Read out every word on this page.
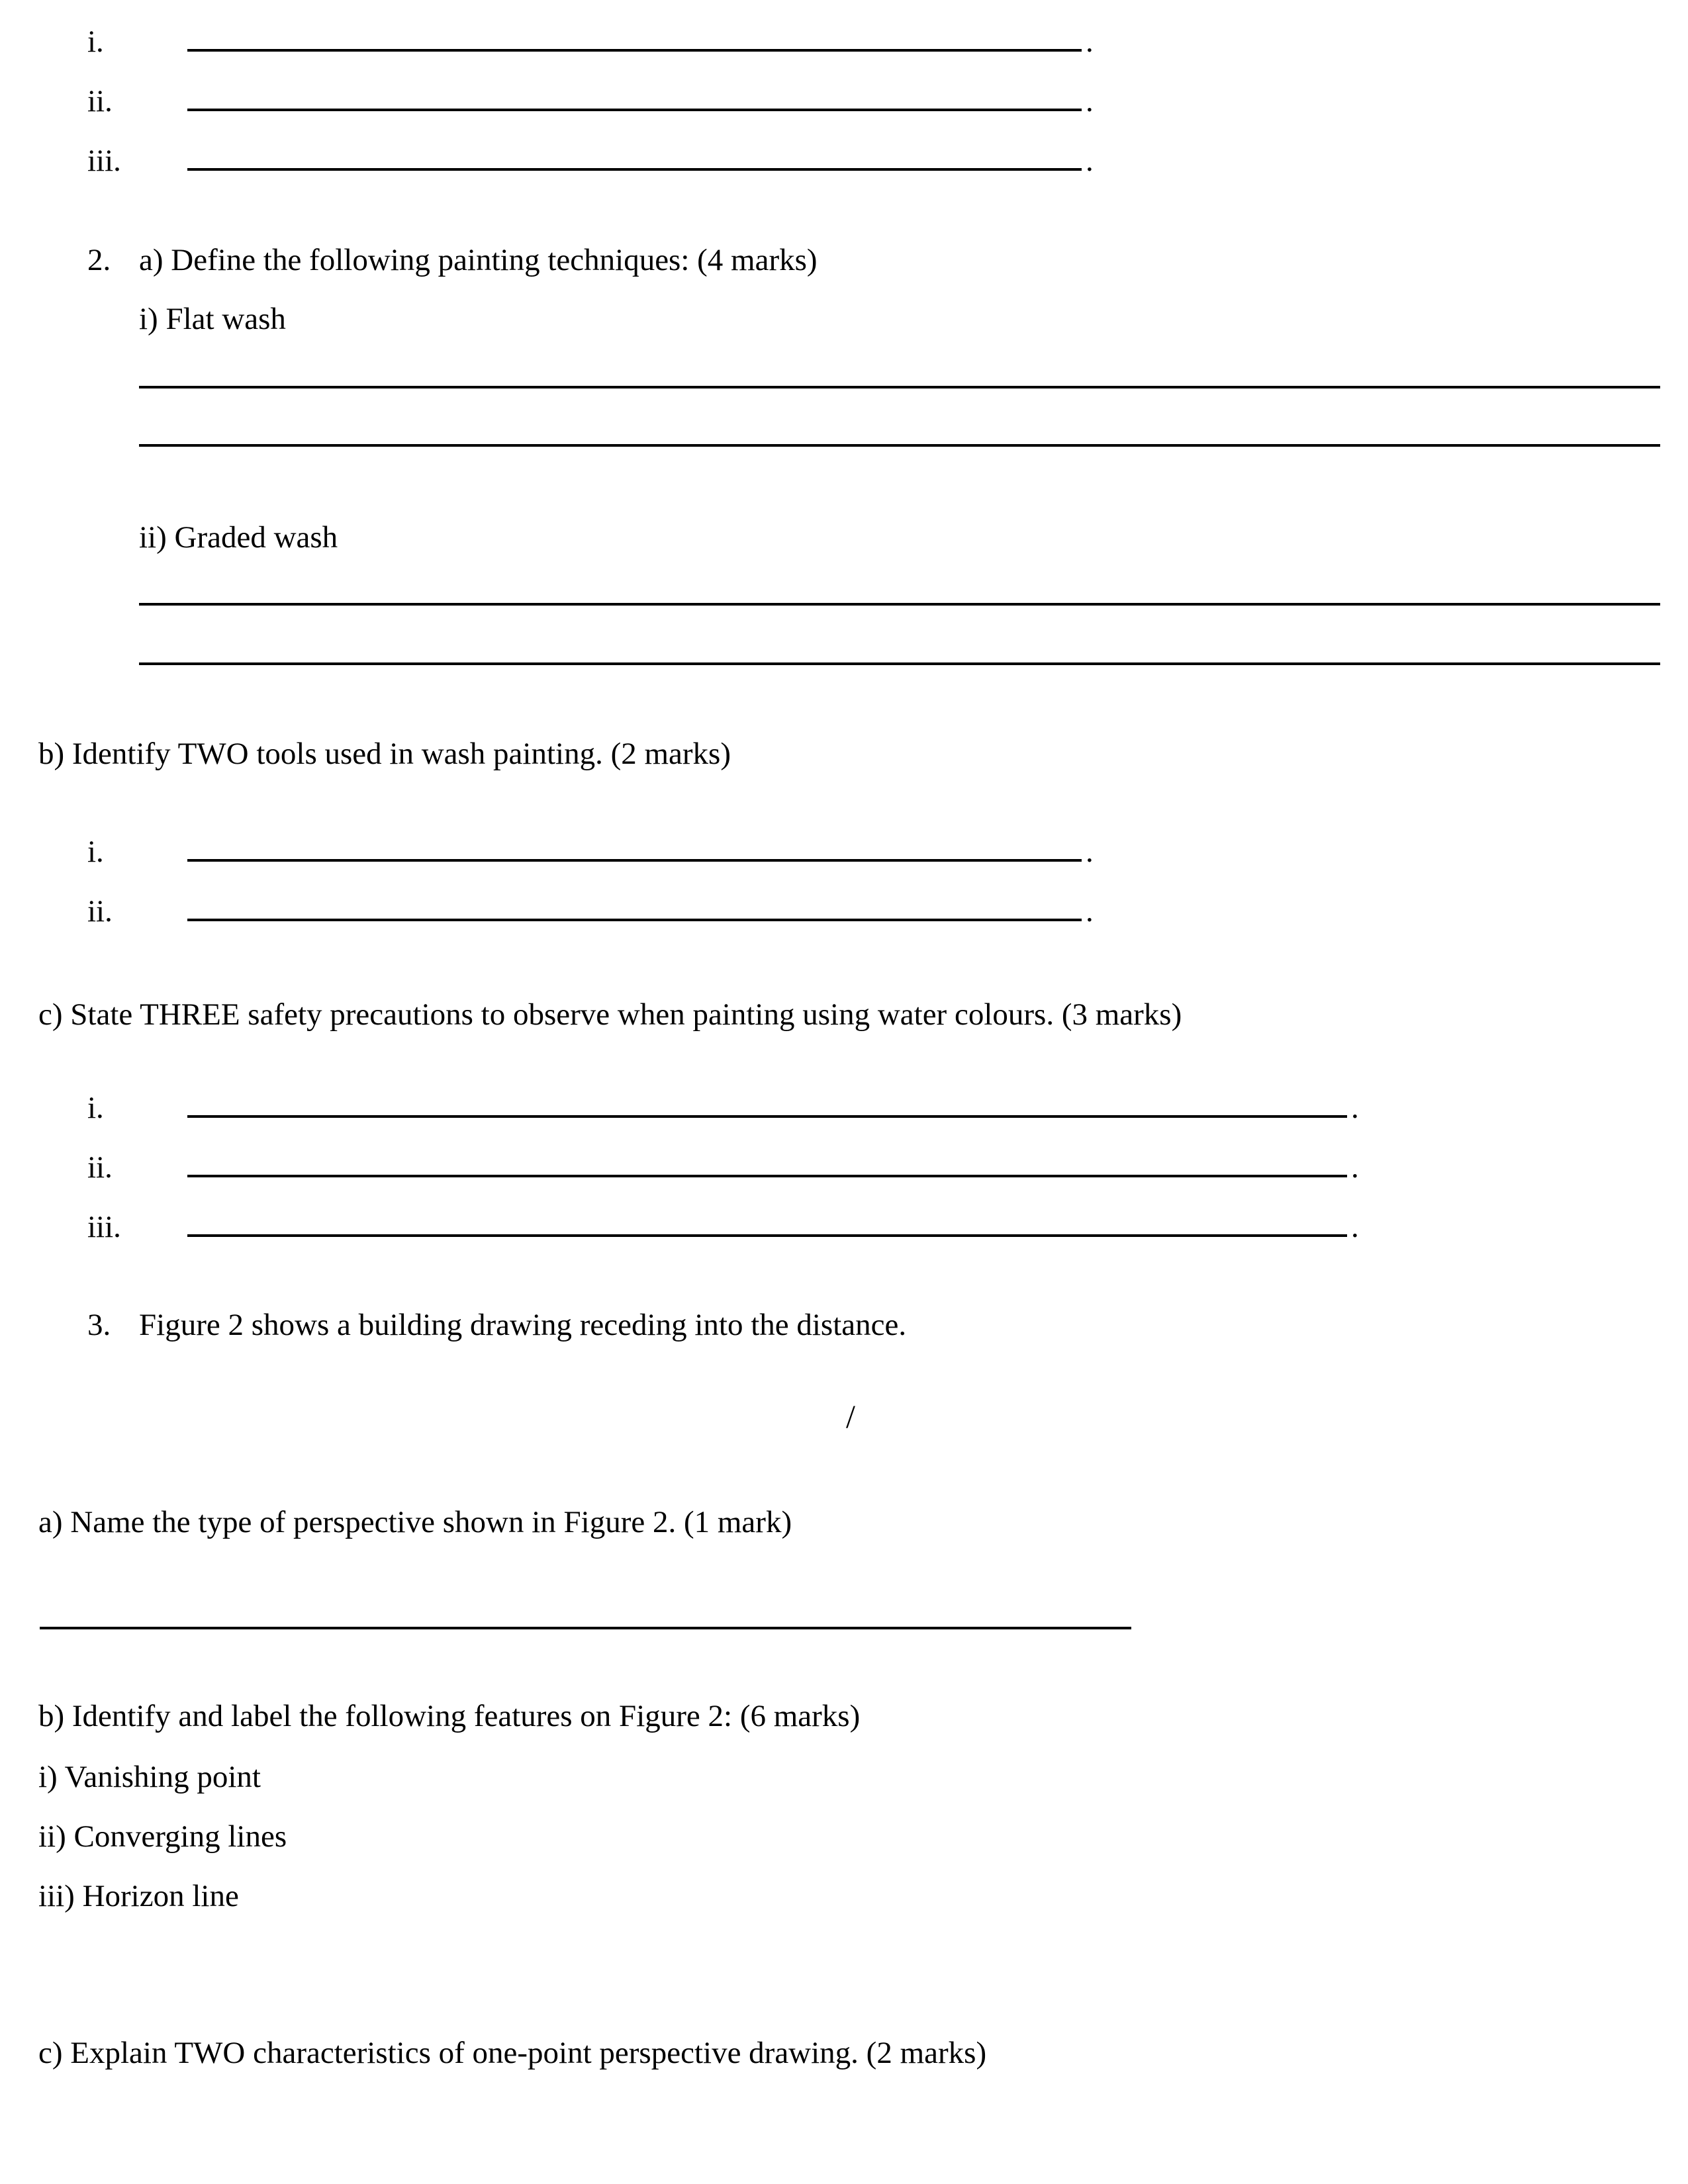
i.	.
ii.	.
iii.	.
2. a) Define the following painting techniques: (4 marks)
i) Flat wash
ii) Graded wash
b) Identify TWO tools used in wash painting. (2 marks)
i.	.
ii.	.
c) State THREE safety precautions to observe when painting using water colours. (3 marks)
i.	.
ii.	.
iii.	.
3. Figure 2 shows a building drawing receding into the distance.
/
a) Name the type of perspective shown in Figure 2. (1 mark)
b) Identify and label the following features on Figure 2: (6 marks)
i) Vanishing point
ii) Converging lines
iii) Horizon line
c) Explain TWO characteristics of one-point perspective drawing. (2 marks)
